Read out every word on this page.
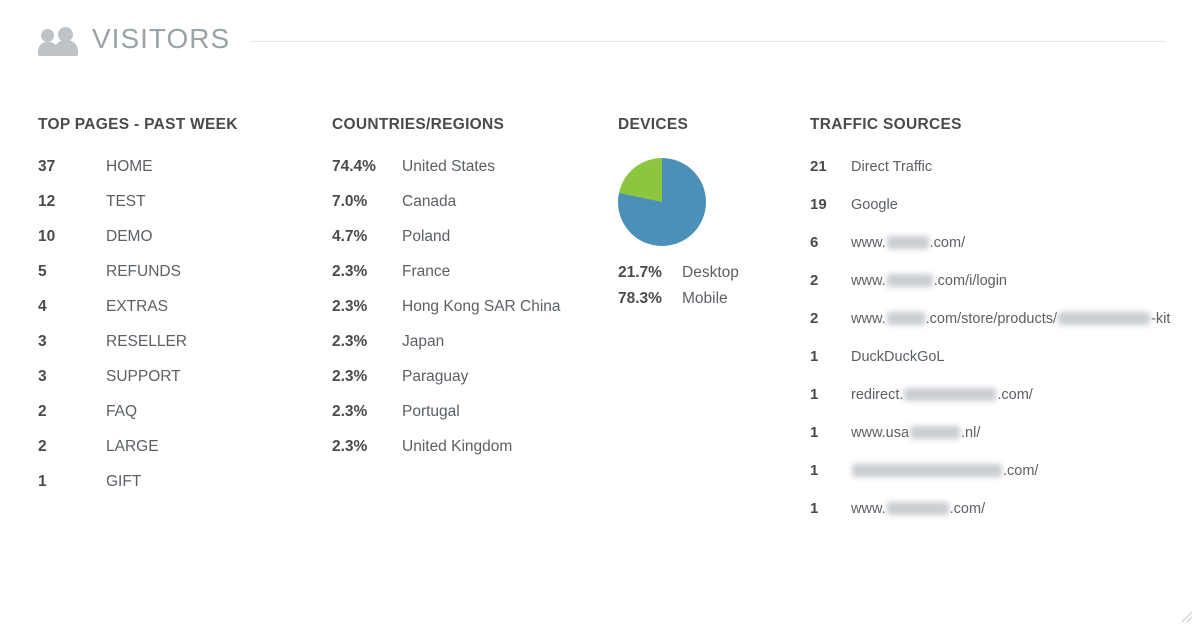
VISITORS
TOP PAGES - PAST WEEK
37	HOME
12	TEST
10	DEMO
5	REFUNDS
4	EXTRAS
3	RESELLER
3	SUPPORT
2	FAQ
2	LARGE
1	GIFT
COUNTRIES/REGIONS
74.4%	United States
7.0%	Canada
4.7%	Poland
2.3%	France
2.3%	Hong Kong SAR China
2.3%	Japan
2.3%	Paraguay
2.3%	Portugal
2.3%	United Kingdom
DEVICES
21.7%	Desktop
78.3%	Mobile
TRAFFIC SOURCES
21	Direct Traffic
19	Google
6	www.	.com/
2	www.	.com/i/login
2	www.	.com/store/products/	-kit
1	DuckDuckGoL
1	redirect.	.com/
1	www.usa	.nl/
1	.com/
1	www.	.com/
